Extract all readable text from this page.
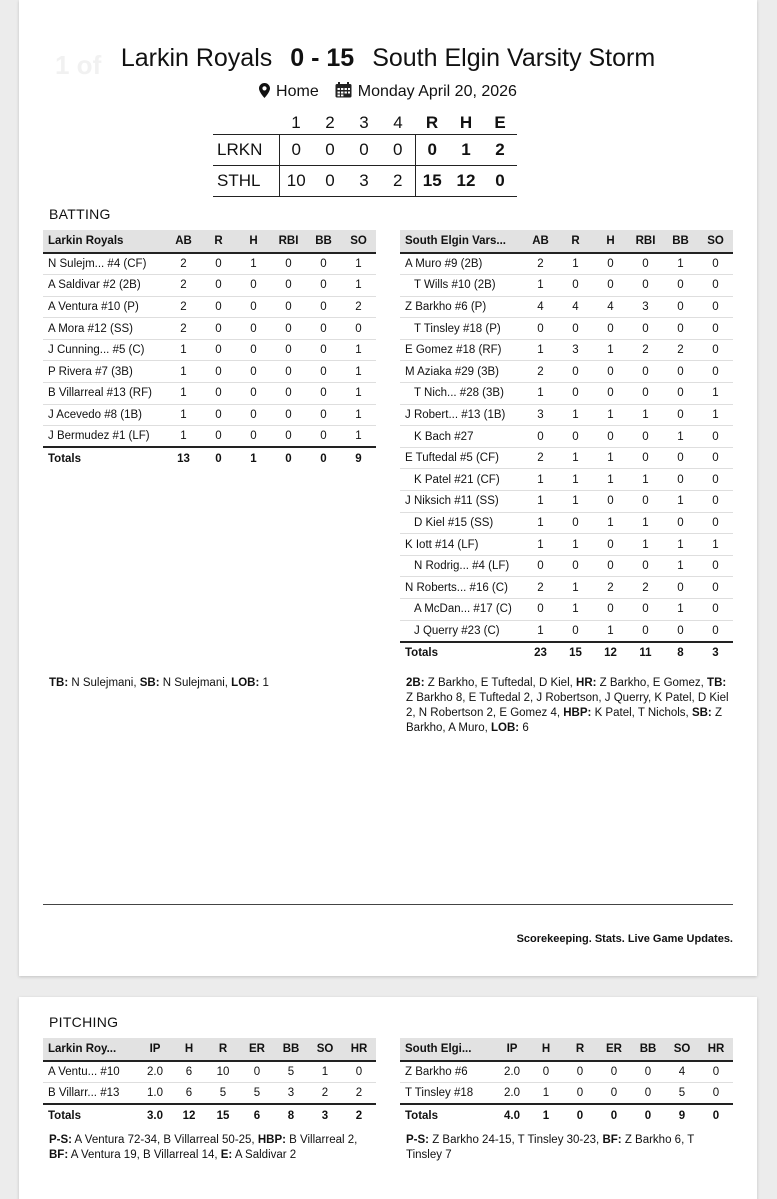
1 of Larkin Royals 0 - 15 South Elgin Varsity Storm
Home Monday April 20, 2026
	1	2	3	4	R	H	E
LRKN	0	0	0	0	0	1	2
STHL	10	0	3	2	15	12	0
BATTING
Larkin Royals	AB	R	H	RBI	BB	SO
N Sulejm... #4 (CF)	2	0	1	0	0	1
A Saldivar #2 (2B)	2	0	0	0	0	1
A Ventura #10 (P)	2	0	0	0	0	2
A Mora #12 (SS)	2	0	0	0	0	0
J Cunning... #5 (C)	1	0	0	0	0	1
P Rivera #7 (3B)	1	0	0	0	0	1
B Villarreal #13 (RF)	1	0	0	0	0	1
J Acevedo #8 (1B)	1	0	0	0	0	1
J Bermudez #1 (LF)	1	0	0	0	0	1
Totals	13	0	1	0	0	9
South Elgin Vars...	AB	R	H	RBI	BB	SO
A Muro #9 (2B)	2	1	0	0	1	0
T Wills #10 (2B)	1	0	0	0	0	0
Z Barkho #6 (P)	4	4	4	3	0	0
T Tinsley #18 (P)	0	0	0	0	0	0
E Gomez #18 (RF)	1	3	1	2	2	0
M Aziaka #29 (3B)	2	0	0	0	0	0
T Nich... #28 (3B)	1	0	0	0	0	1
J Robert... #13 (1B)	3	1	1	1	0	1
K Bach #27	0	0	0	0	1	0
E Tuftedal #5 (CF)	2	1	1	0	0	0
K Patel #21 (CF)	1	1	1	1	0	0
J Niksich #11 (SS)	1	1	0	0	1	0
D Kiel #15 (SS)	1	0	1	1	0	0
K Iott #14 (LF)	1	1	0	1	1	1
N Rodrig... #4 (LF)	0	0	0	0	1	0
N Roberts... #16 (C)	2	1	2	2	0	0
A McDan... #17 (C)	0	1	0	0	1	0
J Querry #23 (C)	1	0	1	0	0	0
Totals	23	15	12	11	8	3
TB: N Sulejmani, SB: N Sulejmani, LOB: 1	2B: Z Barkho, E Tuftedal, D Kiel, HR: Z Barkho, E Gomez, TB: Z Barkho 8, E Tuftedal 2, J Robertson, J Querry, K Patel, D Kiel 2, N Robertson 2, E Gomez 4, HBP: K Patel, T Nichols, SB: Z Barkho, A Muro, LOB: 6
Scorekeeping. Stats. Live Game Updates.
PITCHING
Larkin Roy...	IP	H	R	ER	BB	SO	HR
A Ventu... #10	2.0	6	10	0	5	1	0
B Villarr... #13	1.0	6	5	5	3	2	2
Totals	3.0	12	15	6	8	3	2
South Elgi...	IP	H	R	ER	BB	SO	HR
Z Barkho #6	2.0	0	0	0	0	4	0
T Tinsley #18	2.0	1	0	0	0	5	0
Totals	4.0	1	0	0	0	9	0
P-S: A Ventura 72-34, B Villarreal 50-25, HBP: B Villarreal 2, BF: A Ventura 19, B Villarreal 14, E: A Saldivar 2
P-S: Z Barkho 24-15, T Tinsley 30-23, BF: Z Barkho 6, T Tinsley 7
